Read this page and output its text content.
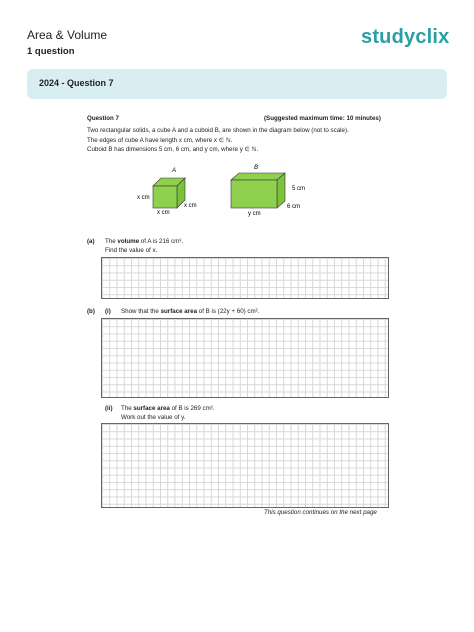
Area & Volume
1 question
studyclix
2024 - Question 7
Question 7	(Suggested maximum time: 10 minutes)
Two rectangular solids, a cube A and a cuboid B, are shown in the diagram below (not to scale).
The edges of cube A have length x cm, where x ∈ ℕ.
Cuboid B has dimensions 5 cm, 6 cm, and y cm, where y ∈ ℕ.
A
x cm
x cm
x cm
B
5 cm
6 cm
y cm
(a) The volume of A is 216 cm³.
Find the value of x.
(b) (i) Show that the surface area of B is (22y + 60) cm².
(ii) The surface area of B is 269 cm².
Work out the value of y.
This question continues on the next page
